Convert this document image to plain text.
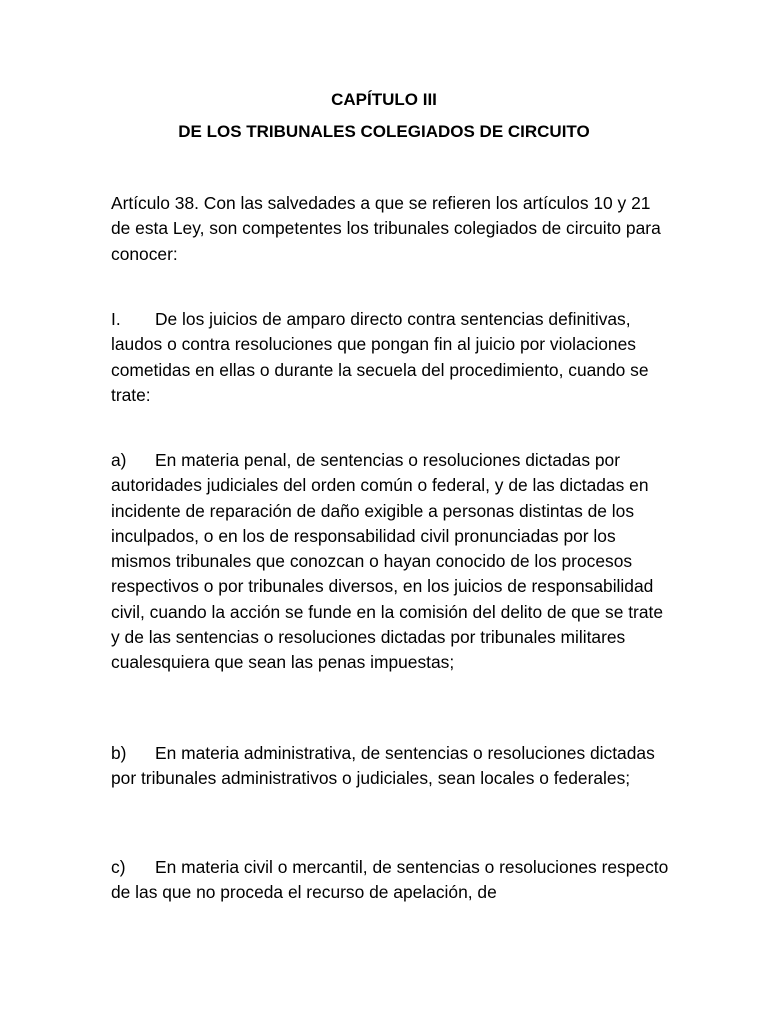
CAPÍTULO III
DE LOS TRIBUNALES COLEGIADOS DE CIRCUITO

Artículo 38. Con las salvedades a que se refieren los artículos 10 y 21 de esta Ley, son competentes los tribunales colegiados de circuito para conocer:

I. De los juicios de amparo directo contra sentencias definitivas, laudos o contra resoluciones que pongan fin al juicio por violaciones cometidas en ellas o durante la secuela del procedimiento, cuando se trate:

a) En materia penal, de sentencias o resoluciones dictadas por autoridades judiciales del orden común o federal, y de las dictadas en incidente de reparación de daño exigible a personas distintas de los inculpados, o en los de responsabilidad civil pronunciadas por los mismos tribunales que conozcan o hayan conocido de los procesos respectivos o por tribunales diversos, en los juicios de responsabilidad civil, cuando la acción se funde en la comisión del delito de que se trate y de las sentencias o resoluciones dictadas por tribunales militares cualesquiera que sean las penas impuestas;

b) En materia administrativa, de sentencias o resoluciones dictadas por tribunales administrativos o judiciales, sean locales o federales;

c) En materia civil o mercantil, de sentencias o resoluciones respecto de las que no proceda el recurso de apelación, de
